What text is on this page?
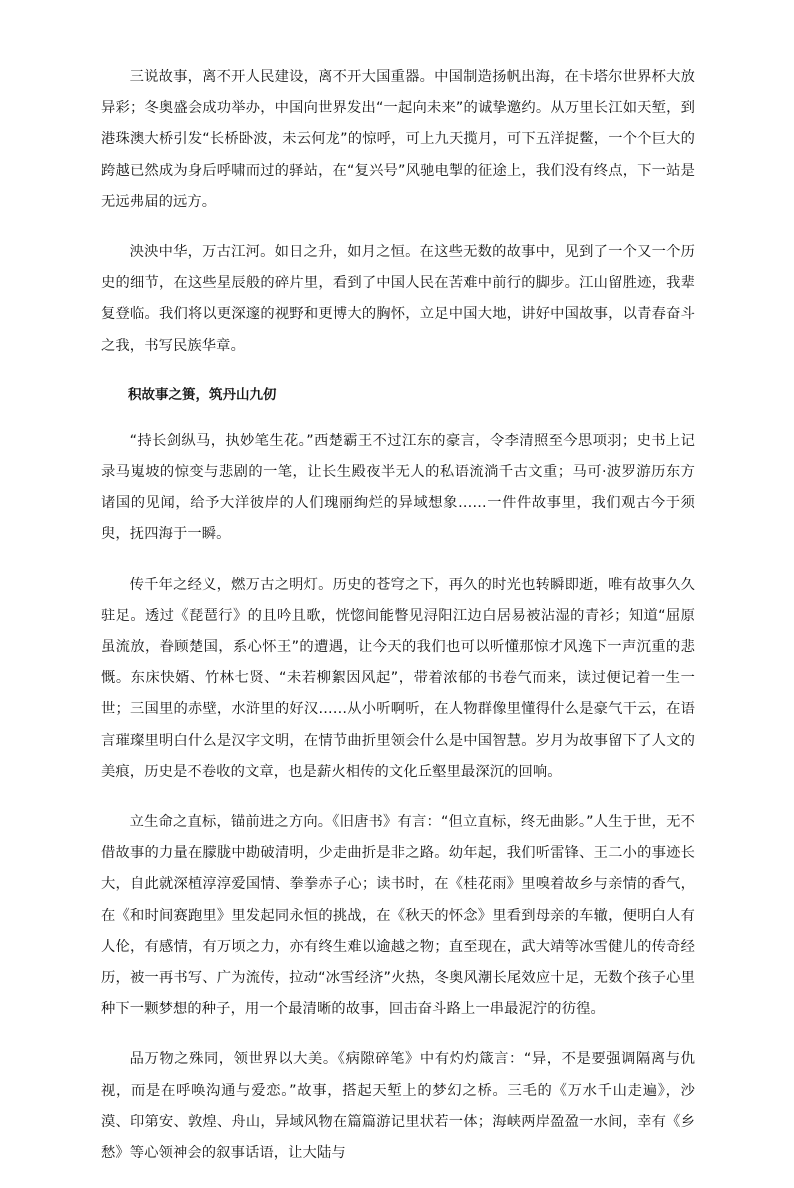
三说故事，离不开人民建设，离不开大国重器。中国制造扬帆出海，在卡塔尔世界杯大放异彩；冬奥盛会成功举办，中国向世界发出“一起向未来”的诚挚邀约。从万里长江如天堑，到港珠澳大桥引发“长桥卧波，未云何龙”的惊呼，可上九天揽月，可下五洋捉鳖，一个个巨大的跨越已然成为身后呼啸而过的驿站，在“复兴号”风驰电掣的征途上，我们没有终点，下一站是无远弗届的远方。

泱泱中华，万古江河。如日之升，如月之恒。在这些无数的故事中，见到了一个又一个历史的细节，在这些星辰般的碎片里，看到了中国人民在苦难中前行的脚步。江山留胜迹，我辈复登临。我们将以更深邃的视野和更博大的胸怀，立足中国大地，讲好中国故事，以青春奋斗之我，书写民族华章。

积故事之篑，筑丹山九仞

“持长剑纵马，执妙笔生花。”西楚霸王不过江东的豪言，令李清照至今思项羽；史书上记录马嵬坡的惊变与悲剧的一笔，让长生殿夜半无人的私语流淌千古文重；马可·波罗游历东方诸国的见闻，给予大洋彼岸的人们瑰丽绚烂的异域想象……一件件故事里，我们观古今于须臾，抚四海于一瞬。

传千年之经义，燃万古之明灯。历史的苍穹之下，再久的时光也转瞬即逝，唯有故事久久驻足。透过《琵琶行》的且吟且歌，恍惚间能瞥见浔阳江边白居易被沾湿的青衫；知道“屈原虽流放，眷顾楚国，系心怀王”的遭遇，让今天的我们也可以听懂那惊才风逸下一声沉重的悲慨。东床快婿、竹林七贤、“未若柳絮因风起”，带着浓郁的书卷气而来，读过便记着一生一世；三国里的赤壁，水浒里的好汉……从小听啊听，在人物群像里懂得什么是豪气干云，在语言璀璨里明白什么是汉字文明，在情节曲折里领会什么是中国智慧。岁月为故事留下了人文的美痕，历史是不卷收的文章，也是薪火相传的文化丘壑里最深沉的回响。

立生命之直标，锚前进之方向。《旧唐书》有言：“但立直标，终无曲影。”人生于世，无不借故事的力量在朦胧中勘破清明，少走曲折是非之路。幼年起，我们听雷锋、王二小的事迹长大，自此就深植淳淳爱国情、拳拳赤子心；读书时，在《桂花雨》里嗅着故乡与亲情的香气，在《和时间赛跑里》里发起同永恒的挑战，在《秋天的怀念》里看到母亲的车辙，便明白人有人伦，有感情，有万顷之力，亦有终生难以逾越之物；直至现在，武大靖等冰雪健儿的传奇经历，被一再书写、广为流传，拉动“冰雪经济”火热，冬奥风潮长尾效应十足，无数个孩子心里种下一颗梦想的种子，用一个最清晰的故事，回击奋斗路上一串最泥泞的彷徨。

品万物之殊同，领世界以大美。《病隙碎笔》中有灼灼箴言：“异，不是要强调隔离与仇视，而是在呼唤沟通与爱恋。”故事，搭起天堑上的梦幻之桥。三毛的《万水千山走遍》，沙漠、印第安、敦煌、舟山，异域风物在篇篇游记里状若一体；海峡两岸盈盈一水间，幸有《乡愁》等心领神会的叙事话语，让大陆与
